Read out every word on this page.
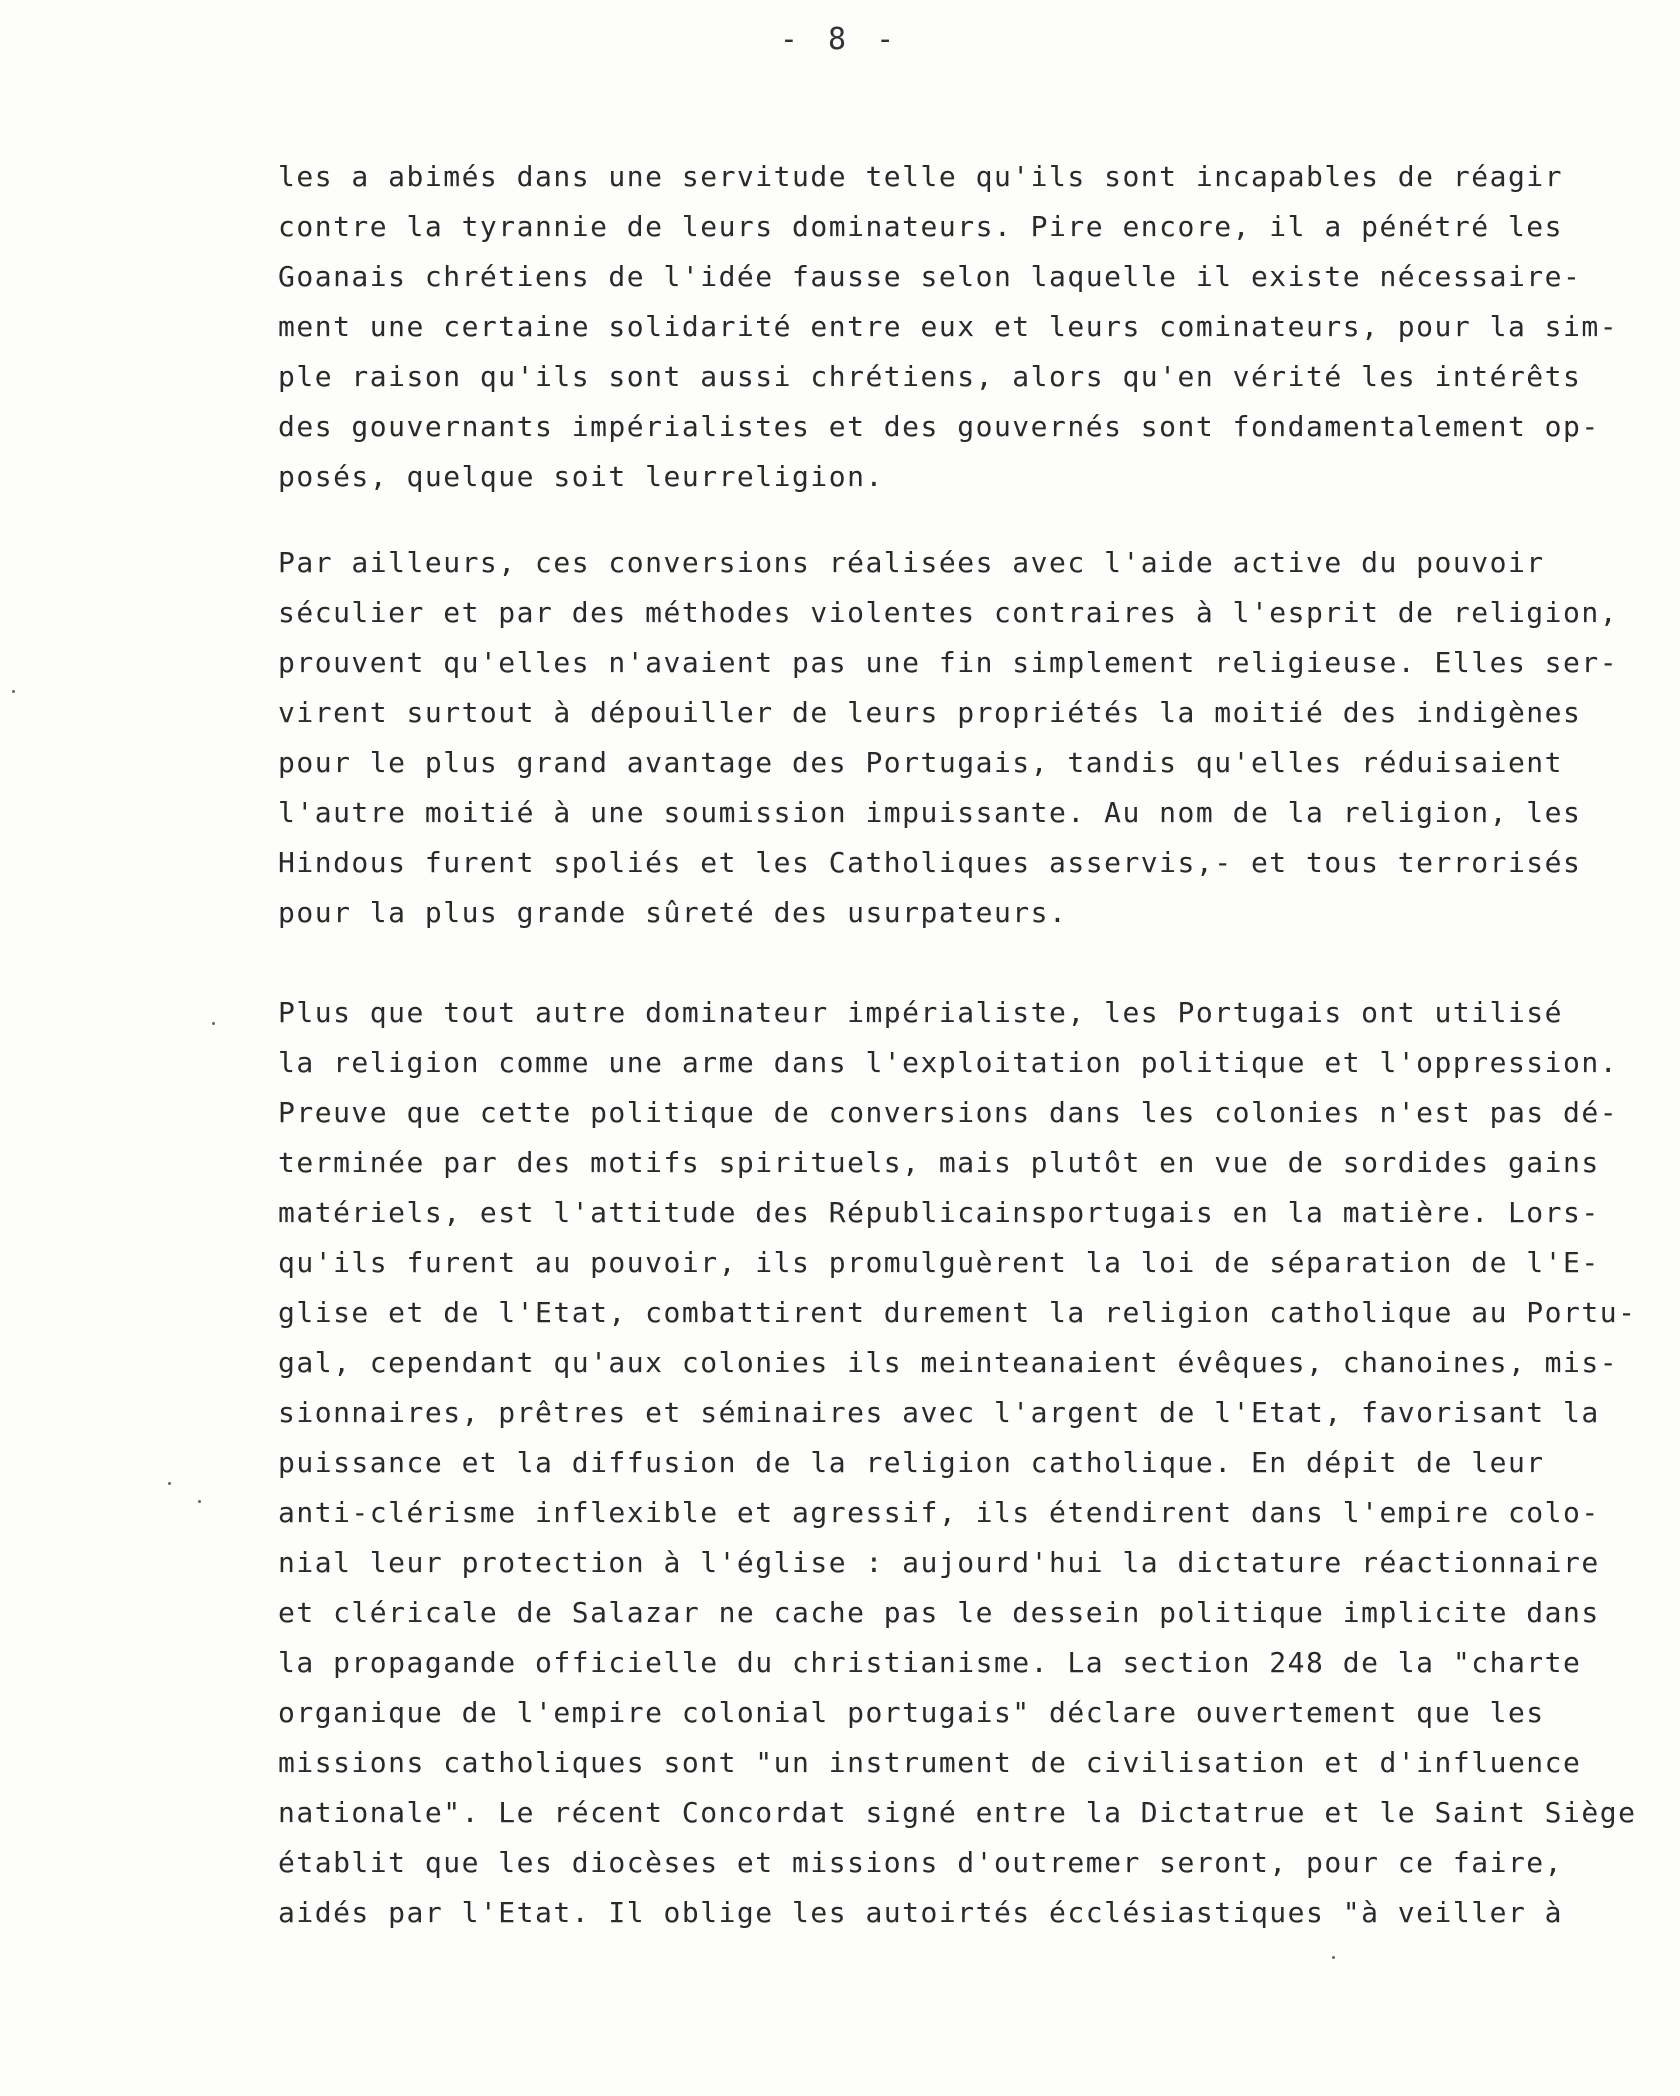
- 8 -
les a abimés dans une servitude telle qu'ils sont incapables de réagir
contre la tyrannie de leurs dominateurs. Pire encore, il a pénétré les
Goanais chrétiens de l'idée fausse selon laquelle il existe nécessaire-
ment une certaine solidarité entre eux et leurs cominateurs, pour la sim-
ple raison qu'ils sont aussi chrétiens, alors qu'en vérité les intérêts
des gouvernants impérialistes et des gouvernés sont fondamentalement op-
posés, quelque soit leurreligion.
Par ailleurs, ces conversions réalisées avec l'aide active du pouvoir
séculier et par des méthodes violentes contraires à l'esprit de religion,
prouvent qu'elles n'avaient pas une fin simplement religieuse. Elles ser-
virent surtout à dépouiller de leurs propriétés la moitié des indigènes
pour le plus grand avantage des Portugais, tandis qu'elles réduisaient
l'autre moitié à une soumission impuissante. Au nom de la religion, les
Hindous furent spoliés et les Catholiques asservis,- et tous terrorisés
pour la plus grande sûreté des usurpateurs.
Plus que tout autre dominateur impérialiste, les Portugais ont utilisé
la religion comme une arme dans l'exploitation politique et l'oppression.
Preuve que cette politique de conversions dans les colonies n'est pas dé-
terminée par des motifs spirituels, mais plutôt en vue de sordides gains
matériels, est l'attitude des Républicainsportugais en la matière. Lors-
qu'ils furent au pouvoir, ils promulguèrent la loi de séparation de l'E-
glise et de l'Etat, combattirent durement la religion catholique au Portu-
gal, cependant qu'aux colonies ils meinteanaient évêques, chanoines, mis-
sionnaires, prêtres et séminaires avec l'argent de l'Etat, favorisant la
puissance et la diffusion de la religion catholique. En dépit de leur
anti-clérisme inflexible et agressif, ils étendirent dans l'empire colo-
nial leur protection à l'église : aujourd'hui la dictature réactionnaire
et cléricale de Salazar ne cache pas le dessein politique implicite dans
la propagande officielle du christianisme. La section 248 de la "charte
organique de l'empire colonial portugais" déclare ouvertement que les
missions catholiques sont "un instrument de civilisation et d'influence
nationale". Le récent Concordat signé entre la Dictatrue et le Saint Siège
établit que les diocèses et missions d'outremer seront, pour ce faire,
aidés par l'Etat. Il oblige les autoirtés écclésiastiques "à veiller à
